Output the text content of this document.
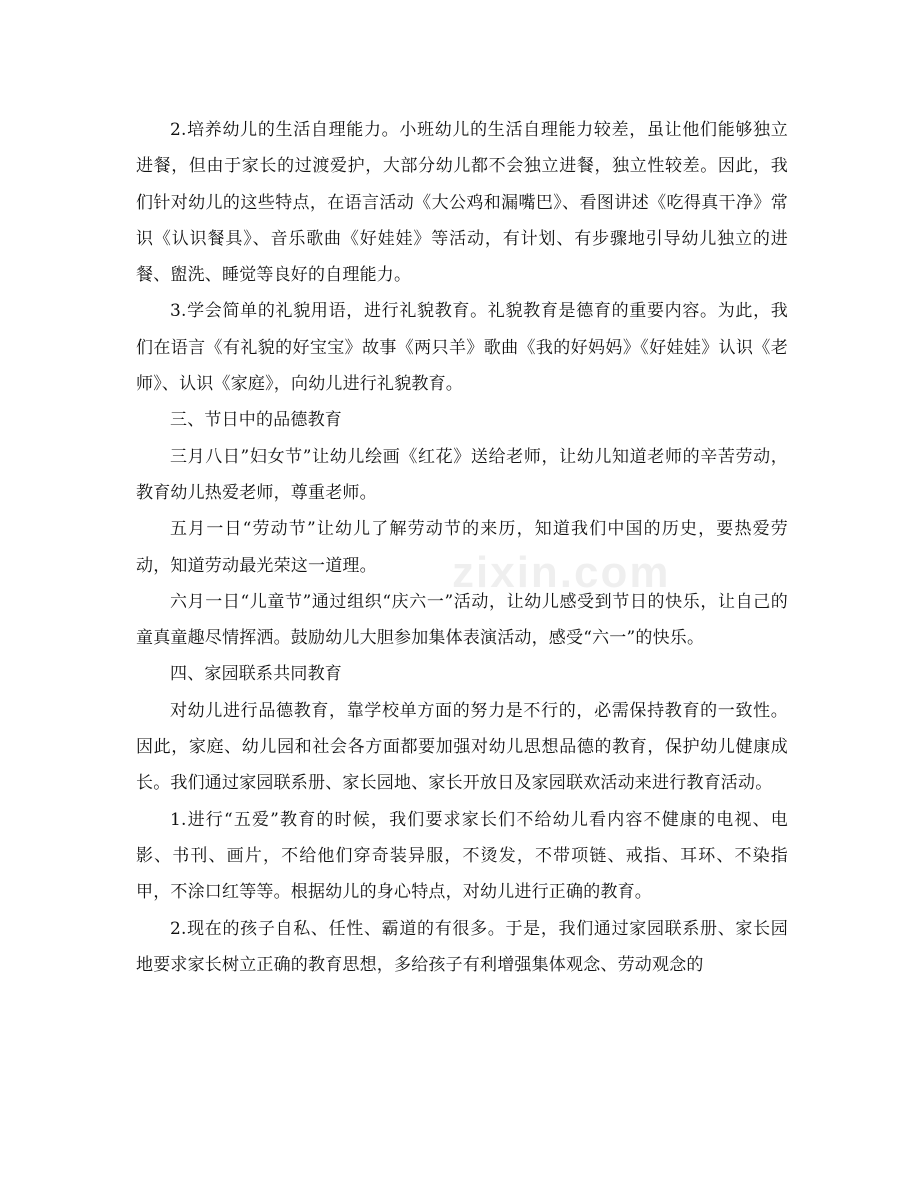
2.培养幼儿的生活自理能力。小班幼儿的生活自理能力较差，虽让他们能够独立进餐，但由于家长的过渡爱护，大部分幼儿都不会独立进餐，独立性较差。因此，我们针对幼儿的这些特点，在语言活动《大公鸡和漏嘴巴》、看图讲述《吃得真干净》常识《认识餐具》、音乐歌曲《好娃娃》等活动，有计划、有步骤地引导幼儿独立的进餐、盥洗、睡觉等良好的自理能力。

3.学会简单的礼貌用语，进行礼貌教育。礼貌教育是德育的重要内容。为此，我们在语言《有礼貌的好宝宝》故事《两只羊》歌曲《我的好妈妈》《好娃娃》认识《老师》、认识《家庭》，向幼儿进行礼貌教育。

三、节日中的品德教育

三月八日”妇女节”让幼儿绘画《红花》送给老师，让幼儿知道老师的辛苦劳动，教育幼儿热爱老师，尊重老师。

五月一日“劳动节”让幼儿了解劳动节的来历，知道我们中国的历史，要热爱劳动，知道劳动最光荣这一道理。

六月一日“儿童节”通过组织“庆六一”活动，让幼儿感受到节日的快乐，让自己的童真童趣尽情挥洒。鼓励幼儿大胆参加集体表演活动，感受“六一”的快乐。

四、家园联系共同教育

对幼儿进行品德教育，靠学校单方面的努力是不行的，必需保持教育的一致性。因此，家庭、幼儿园和社会各方面都要加强对幼儿思想品德的教育，保护幼儿健康成长。我们通过家园联系册、家长园地、家长开放日及家园联欢活动来进行教育活动。

1.进行“五爱”教育的时候，我们要求家长们不给幼儿看内容不健康的电视、电影、书刊、画片，不给他们穿奇装异服，不烫发，不带项链、戒指、耳环、不染指甲，不涂口红等等。根据幼儿的身心特点，对幼儿进行正确的教育。

2.现在的孩子自私、任性、霸道的有很多。于是，我们通过家园联系册、家长园地要求家长树立正确的教育思想，多给孩子有利增强集体观念、劳动观念的

zixin.com
